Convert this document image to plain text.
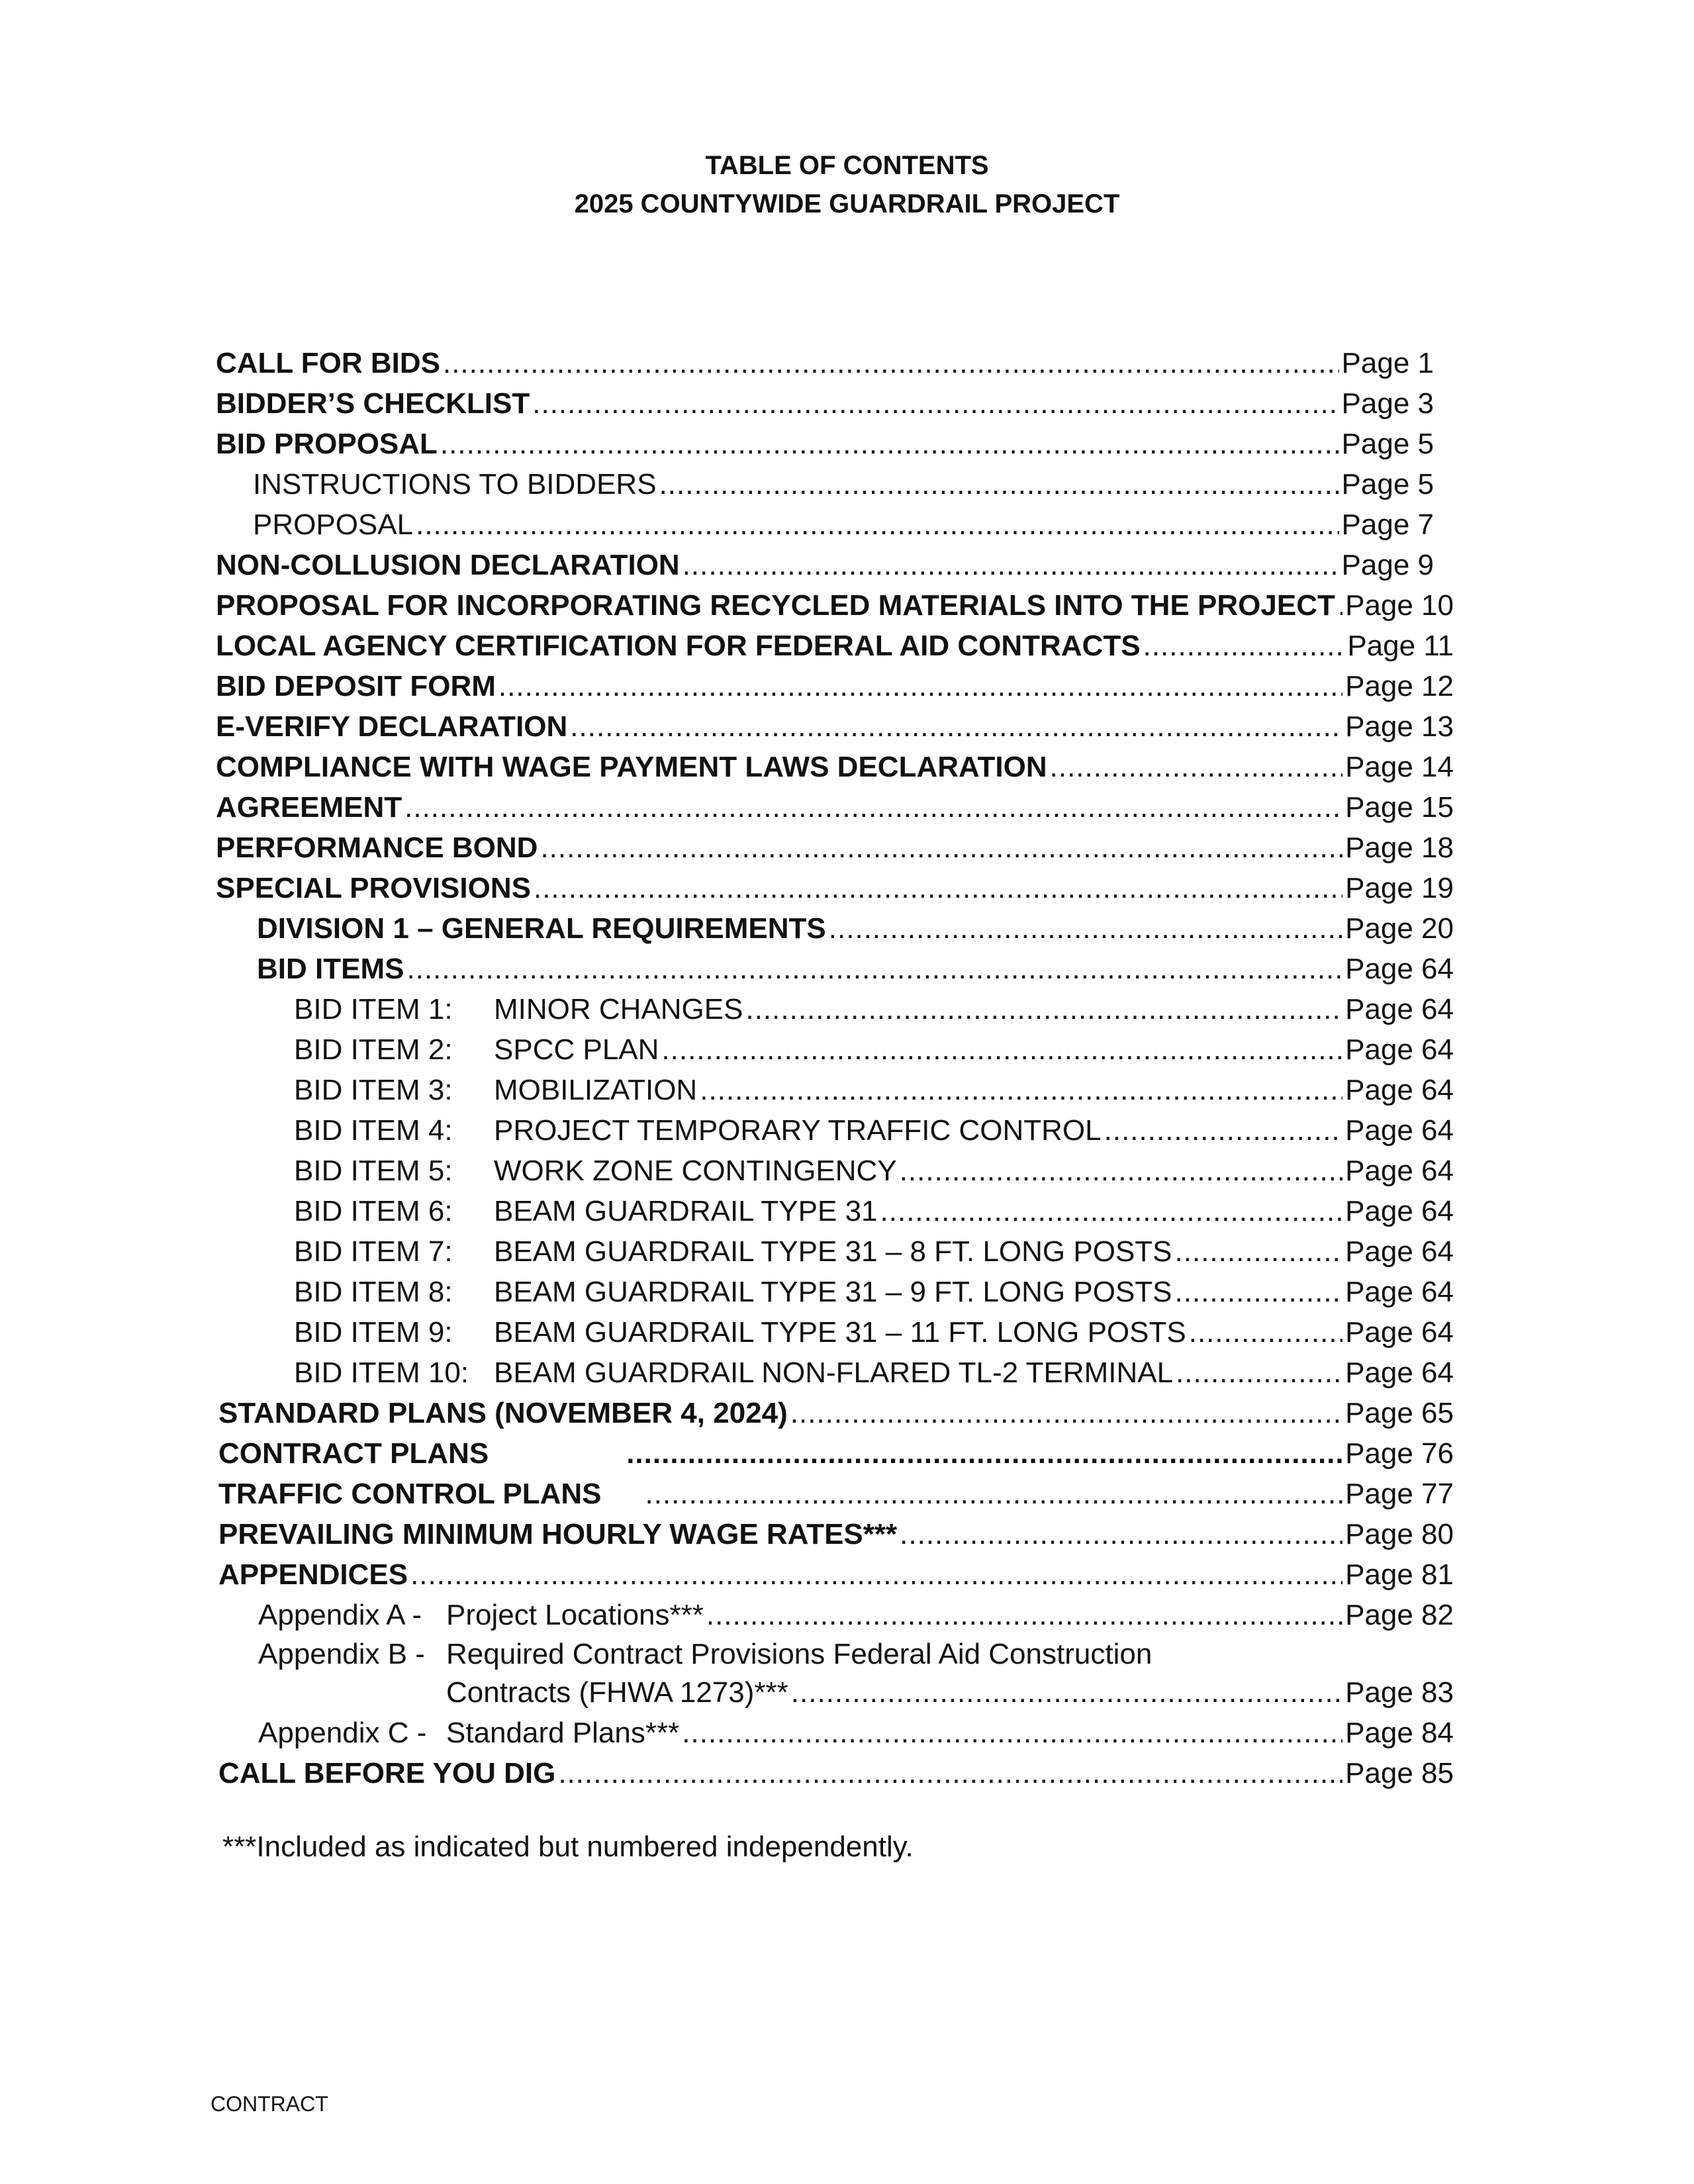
TABLE OF CONTENTS
2025 COUNTYWIDE GUARDRAIL PROJECT
CALL FOR BIDS .....	Page 1
BIDDER’S CHECKLIST .....	Page 3
BID PROPOSAL .....	Page 5
INSTRUCTIONS TO BIDDERS .....	Page 5
PROPOSAL .....	Page 7
NON-COLLUSION DECLARATION .....	Page 9
PROPOSAL FOR INCORPORATING RECYCLED MATERIALS INTO THE PROJECT ..... Page 10
LOCAL AGENCY CERTIFICATION FOR FEDERAL AID CONTRACTS .....	Page 11
BID DEPOSIT FORM .....	Page 12
E-VERIFY DECLARATION .....	Page 13
COMPLIANCE WITH WAGE PAYMENT LAWS DECLARATION .....	Page 14
AGREEMENT .....	Page 15
PERFORMANCE BOND .....	Page 18
SPECIAL PROVISIONS .....	Page 19
DIVISION 1 – GENERAL REQUIREMENTS .....	Page 20
BID ITEMS .....	Page 64
BID ITEM 1:	MINOR CHANGES .....	Page 64
BID ITEM 2:	SPCC PLAN .....	Page 64
BID ITEM 3:	MOBILIZATION .....	Page 64
BID ITEM 4:	PROJECT TEMPORARY TRAFFIC CONTROL .....	Page 64
BID ITEM 5:	WORK ZONE CONTINGENCY .....	Page 64
BID ITEM 6:	BEAM GUARDRAIL TYPE 31 .....	Page 64
BID ITEM 7:	BEAM GUARDRAIL TYPE 31 – 8 FT. LONG POSTS .....	Page 64
BID ITEM 8:	BEAM GUARDRAIL TYPE 31 – 9 FT. LONG POSTS .....	Page 64
BID ITEM 9:	BEAM GUARDRAIL TYPE 31 – 11 FT. LONG POSTS .....	Page 64
BID ITEM 10: BEAM GUARDRAIL NON-FLARED TL-2 TERMINAL .....	Page 64
STANDARD PLANS (NOVEMBER 4, 2024) .....	Page 65
CONTRACT PLANS .....	Page 76
TRAFFIC CONTROL PLANS .....	Page 77
PREVAILING MINIMUM HOURLY WAGE RATES*** .....	Page 80
APPENDICES .....	Page 81
Appendix A - Project Locations*** .....	Page 82
Appendix B - Required Contract Provisions Federal Aid Construction
Contracts (FHWA 1273)*** .....	Page 83
Appendix C - Standard Plans*** .....	Page 84
CALL BEFORE YOU DIG .....	Page 85
***Included as indicated but numbered independently.
CONTRACT
